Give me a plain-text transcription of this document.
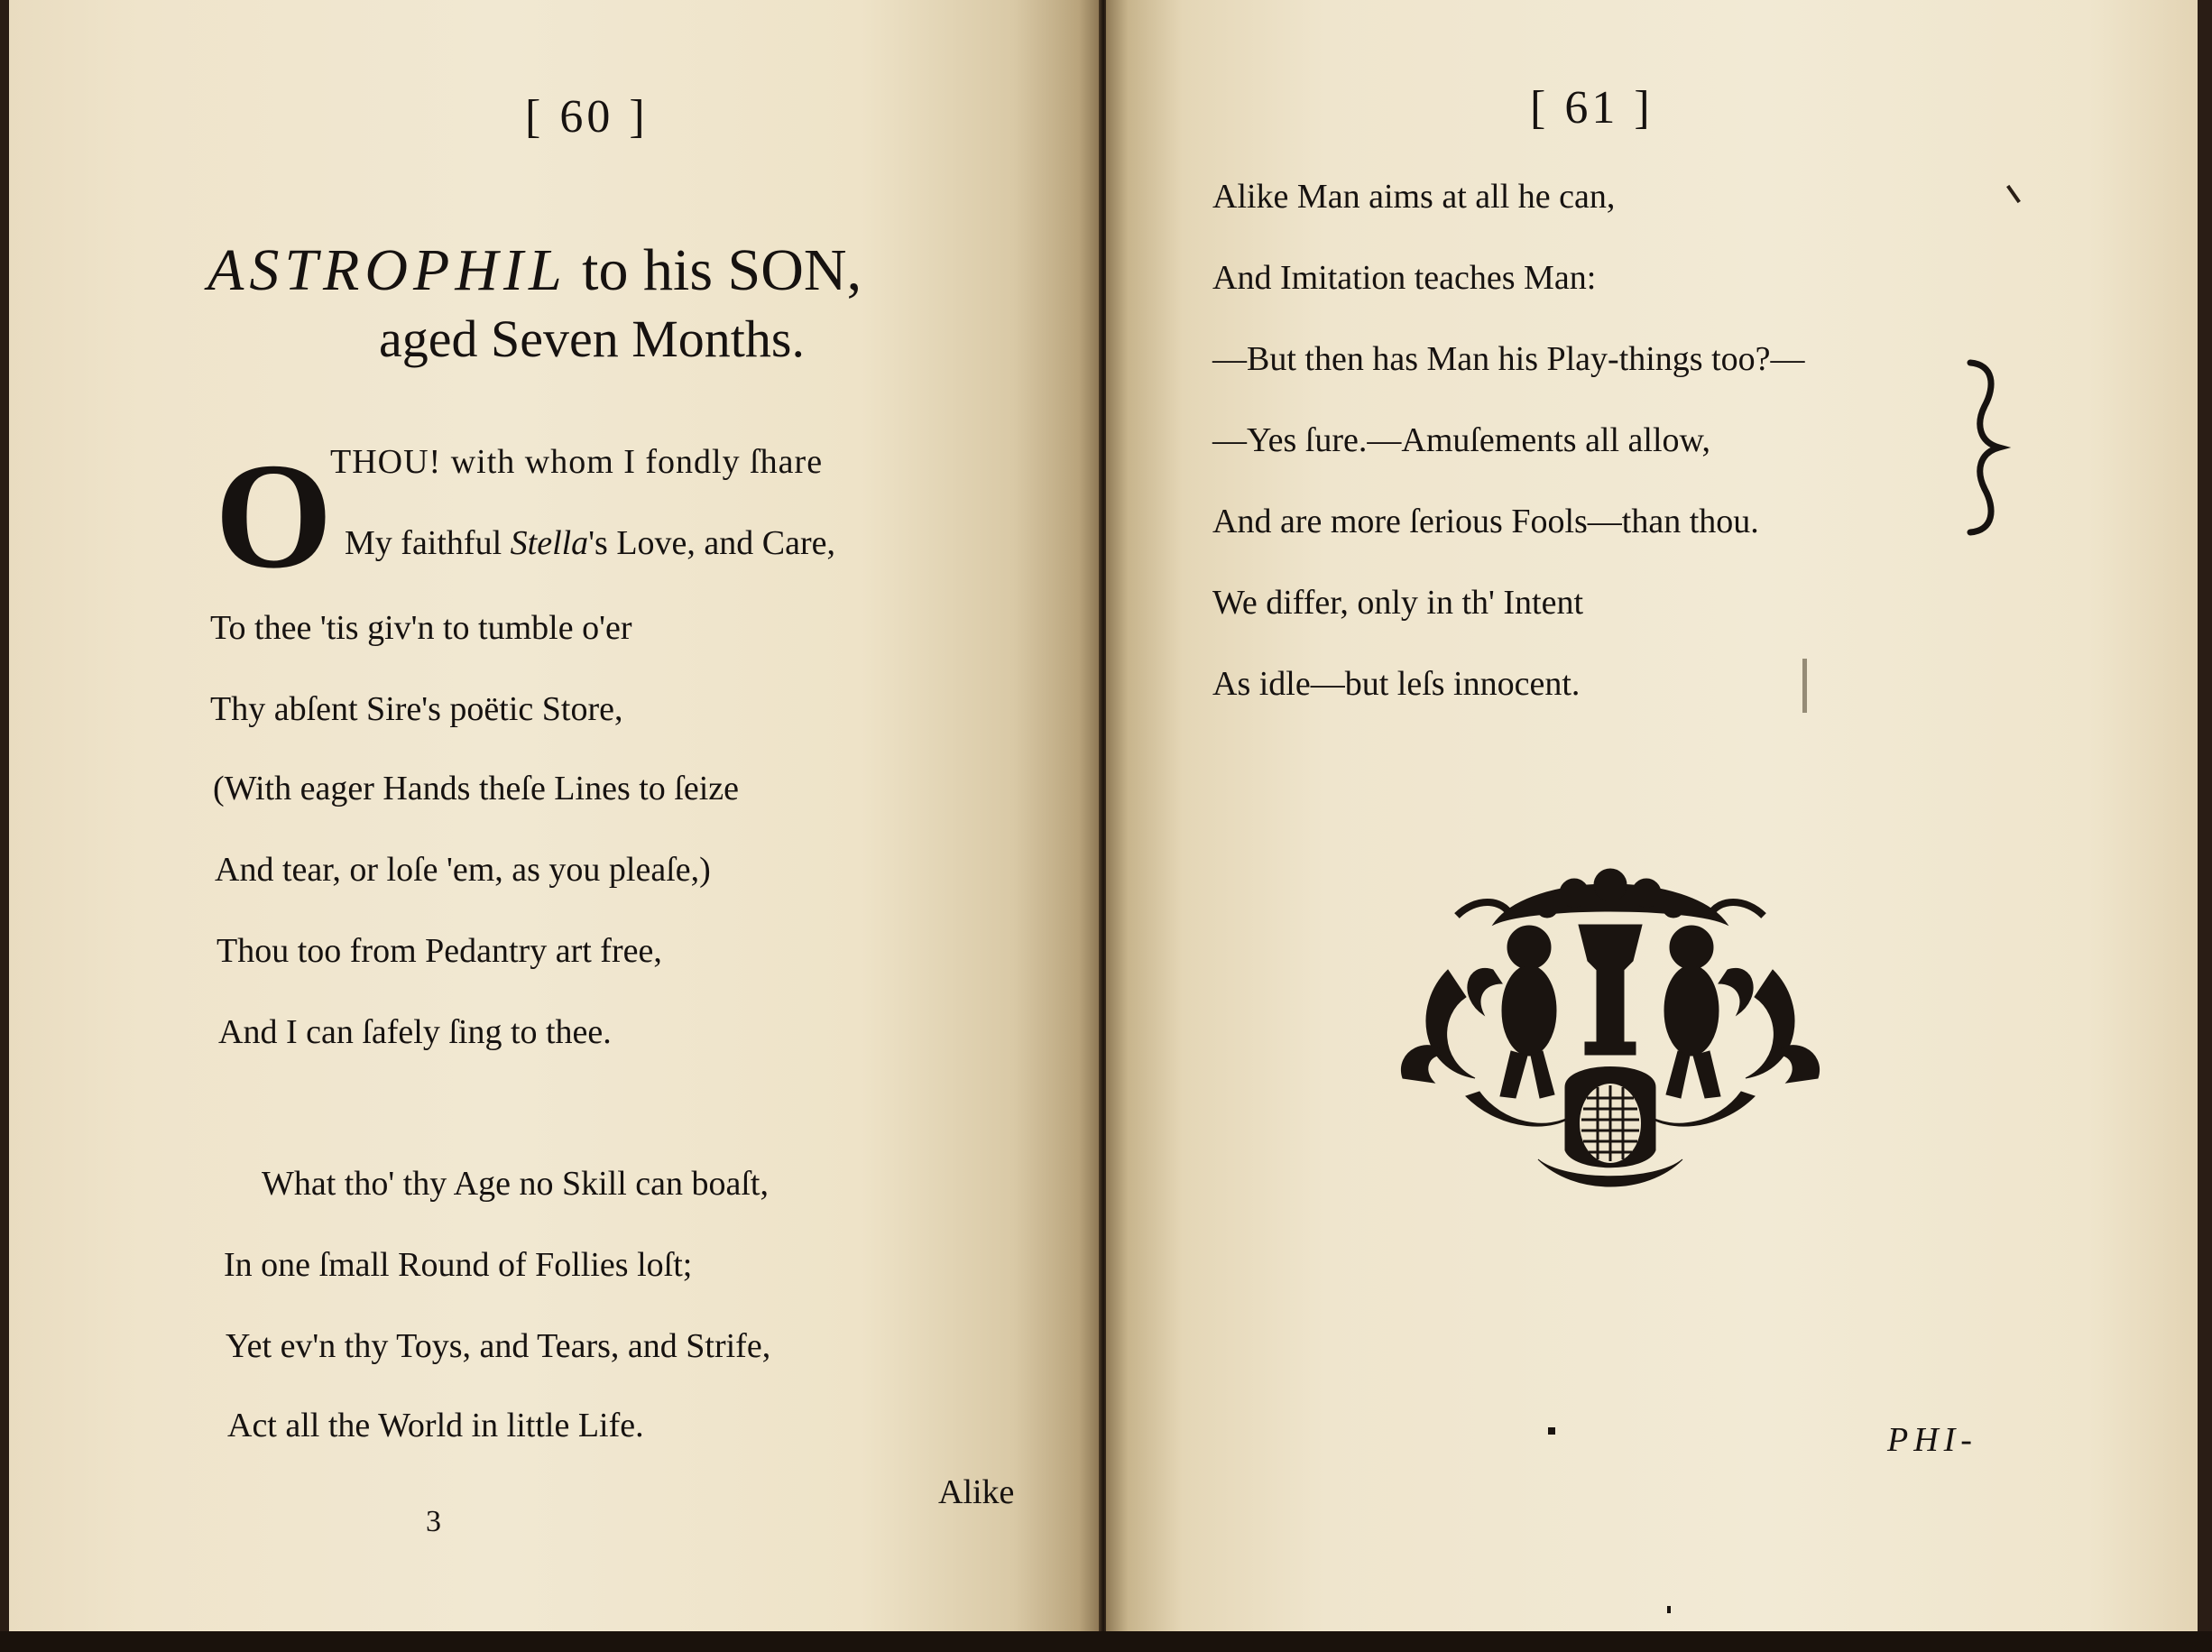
[ 60 ]
ASTROPHIL to his SON,
aged Seven Months.
O
THOU! with whom I fondly ſhare
My faithful Stella's Love, and Care,
To thee 'tis giv'n to tumble o'er
Thy abſent Sire's poëtic Store,
(With eager Hands theſe Lines to ſeize
And tear, or loſe 'em, as you pleaſe,)
Thou too from Pedantry art free,
And I can ſafely ſing to thee.
What tho' thy Age no Skill can boaſt,
In one ſmall Round of Follies loſt;
Yet ev'n thy Toys, and Tears, and Strife,
Act all the World in little Life.
Alike
3
[ 61 ]
Alike Man aims at all he can,
And Imitation teaches Man:
—But then has Man his Play-things too?—
—Yes ſure.—Amuſements all allow,
And are more ſerious Fools—than thou.
We differ, only in th' Intent
As idle—but leſs innocent.
PHI-
